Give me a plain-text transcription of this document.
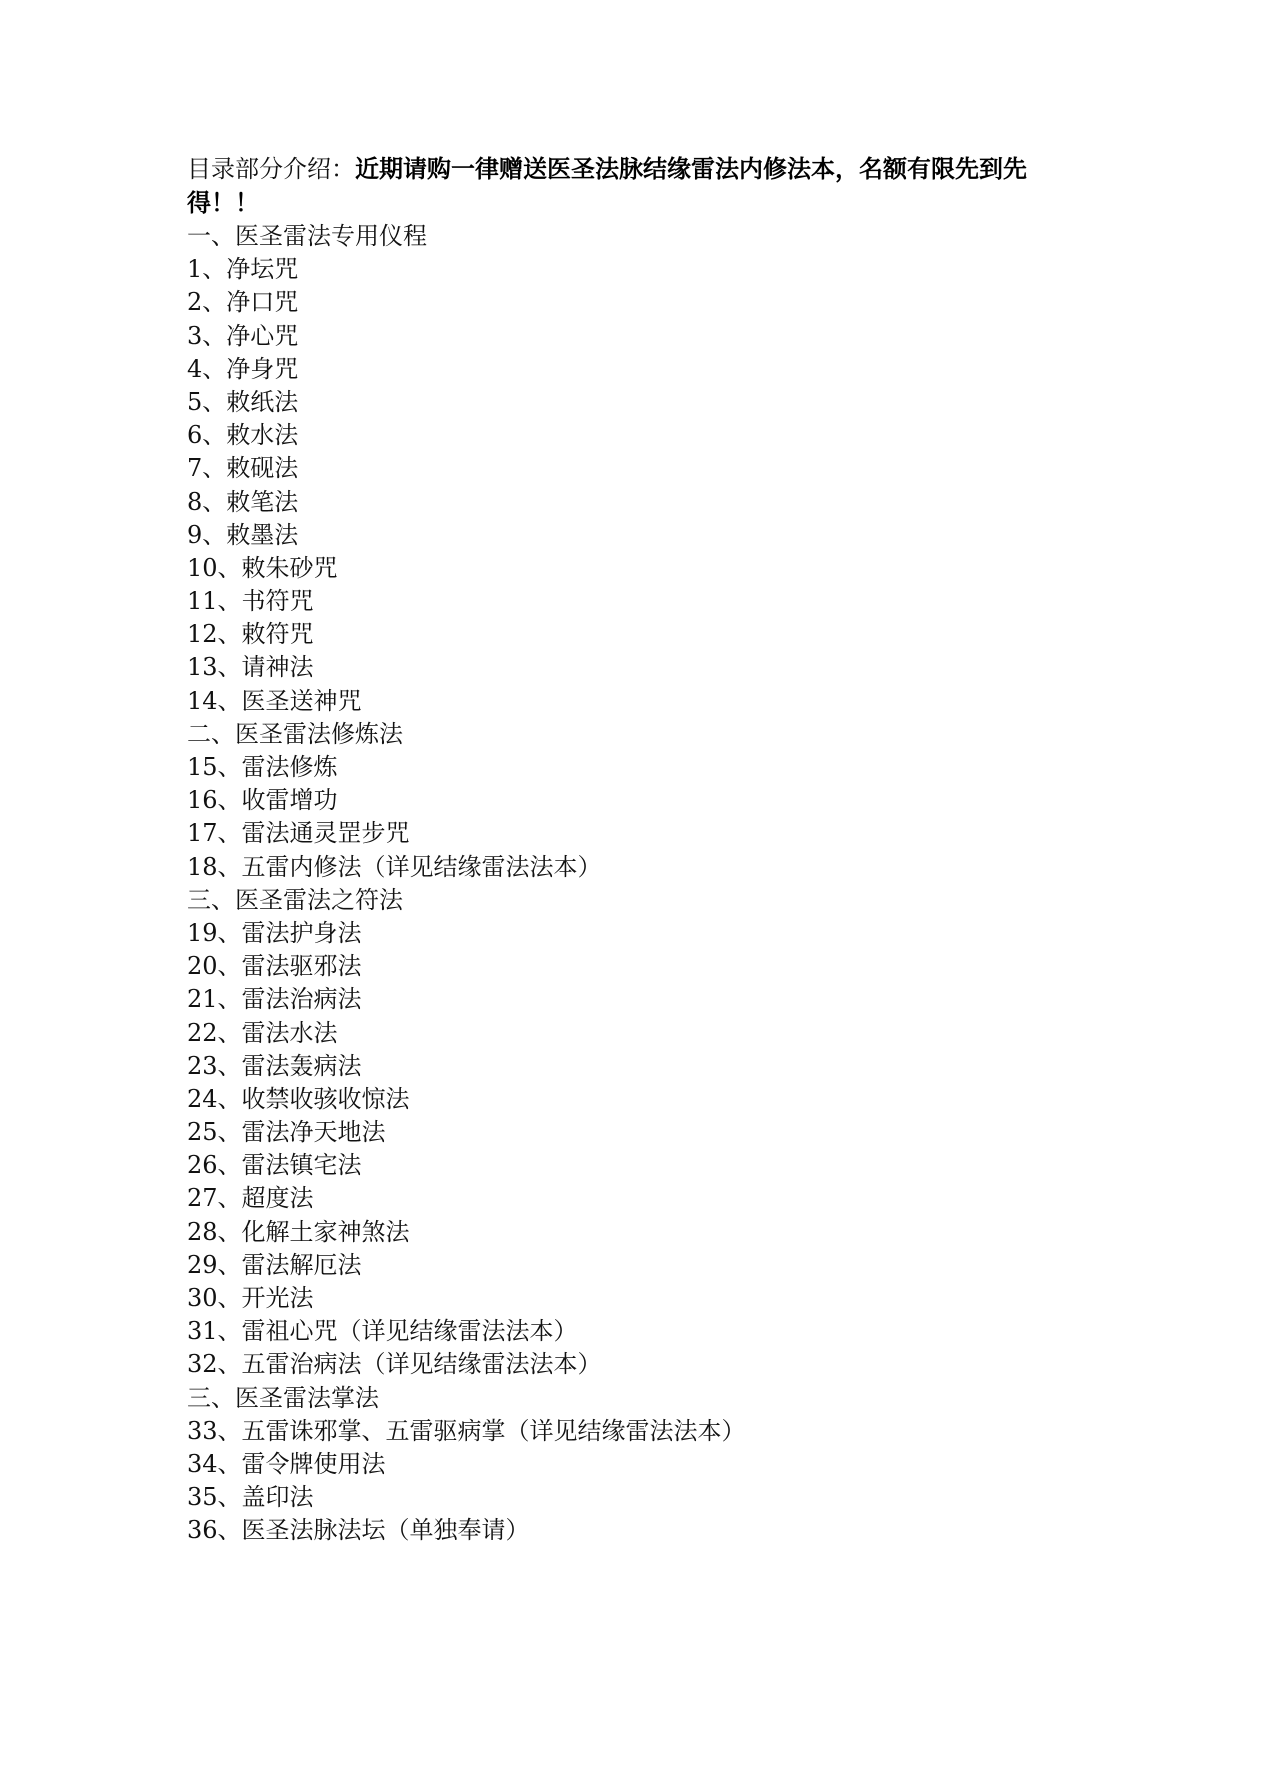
目录部分介绍：近期请购一律赠送医圣法脉结缘雷法内修法本，名额有限先到先得！！

一、医圣雷法专用仪程
1、净坛咒
2、净口咒
3、净心咒
4、净身咒
5、敕纸法
6、敕水法
7、敕砚法
8、敕笔法
9、敕墨法
10、敕朱砂咒
11、书符咒
12、敕符咒
13、请神法
14、医圣送神咒
二、医圣雷法修炼法
15、雷法修炼
16、收雷增功
17、雷法通灵罡步咒
18、五雷内修法（详见结缘雷法法本）
三、医圣雷法之符法
19、雷法护身法
20、雷法驱邪法
21、雷法治病法
22、雷法水法
23、雷法轰病法
24、收禁收骇收惊法
25、雷法净天地法
26、雷法镇宅法
27、超度法
28、化解土家神煞法
29、雷法解厄法
30、开光法
31、雷祖心咒（详见结缘雷法法本）
32、五雷治病法（详见结缘雷法法本）
三、医圣雷法掌法
33、五雷诛邪掌、五雷驱病掌（详见结缘雷法法本）
34、雷令牌使用法
35、盖印法
36、医圣法脉法坛（单独奉请）
